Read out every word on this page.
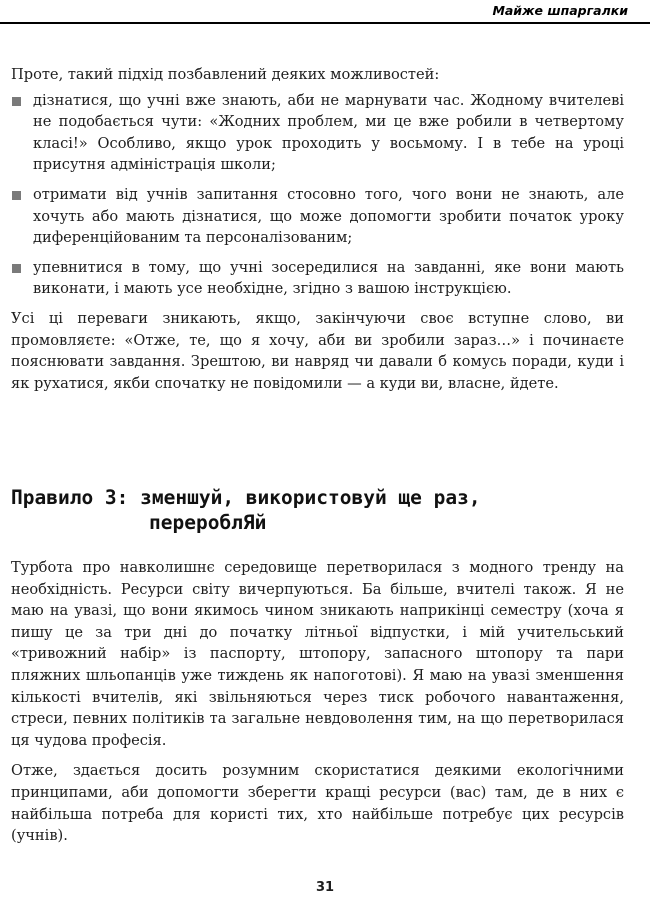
Майже шпаргалки

Проте, такий підхід позбавлений деяких можливостей:

дізнатися, що учні вже знають, аби не марнувати час. Жодному вчителеві не подобається чути: «Жодних проблем, ми це вже робили в четвертому класі!» Особливо, якщо урок проходить у восьмому. І в тебе на уроці присутня адміністрація школи;
отримати від учнів запитання стосовно того, чого вони не знають, але хочуть або мають дізнатися, що може допомогти зробити початок уроку диференційованим та персоналізованим;
упевнитися в тому, що учні зосередилися на завданні, яке вони мають виконати, і мають усе необхідне, згідно з вашою інструкцією.

Усі ці переваги зникають, якщо, закінчуючи своє вступне слово, ви промовляєте: «Отже, те, що я хочу, аби ви зробили зараз…» і починаєте пояснювати завдання. Зрештою, ви навряд чи давали б комусь поради, куди і як рухатися, якби спочатку не повідомили — а куди ви, власне, йдете.

Правило 3: зменшуй, використовуй ще раз,
перероблЯй

Турбота про навколишнє середовище перетворилася з модного тренду на необхідність. Ресурси світу вичерпуються. Ба більше, вчителі також. Я не маю на увазі, що вони якимось чином зникають наприкінці семестру (хоча я пишу це за три дні до початку літньої відпустки, і мій учительський «тривожний набір» із паспорту, штопору, запасного штопору та пари пляжних шльопанців уже тиждень як напоготові). Я маю на увазі зменшення кількості вчителів, які звільняються через тиск робочого навантаження, стреси, певних політиків та загальне невдоволення тим, на що перетворилася ця чудова професія.

Отже, здається досить розумним скористатися деякими екологічними принципами, аби допомогти зберегти кращі ресурси (вас) там, де в них є найбільша потреба для користі тих, хто найбільше потребує цих ресурсів (учнів).

31
